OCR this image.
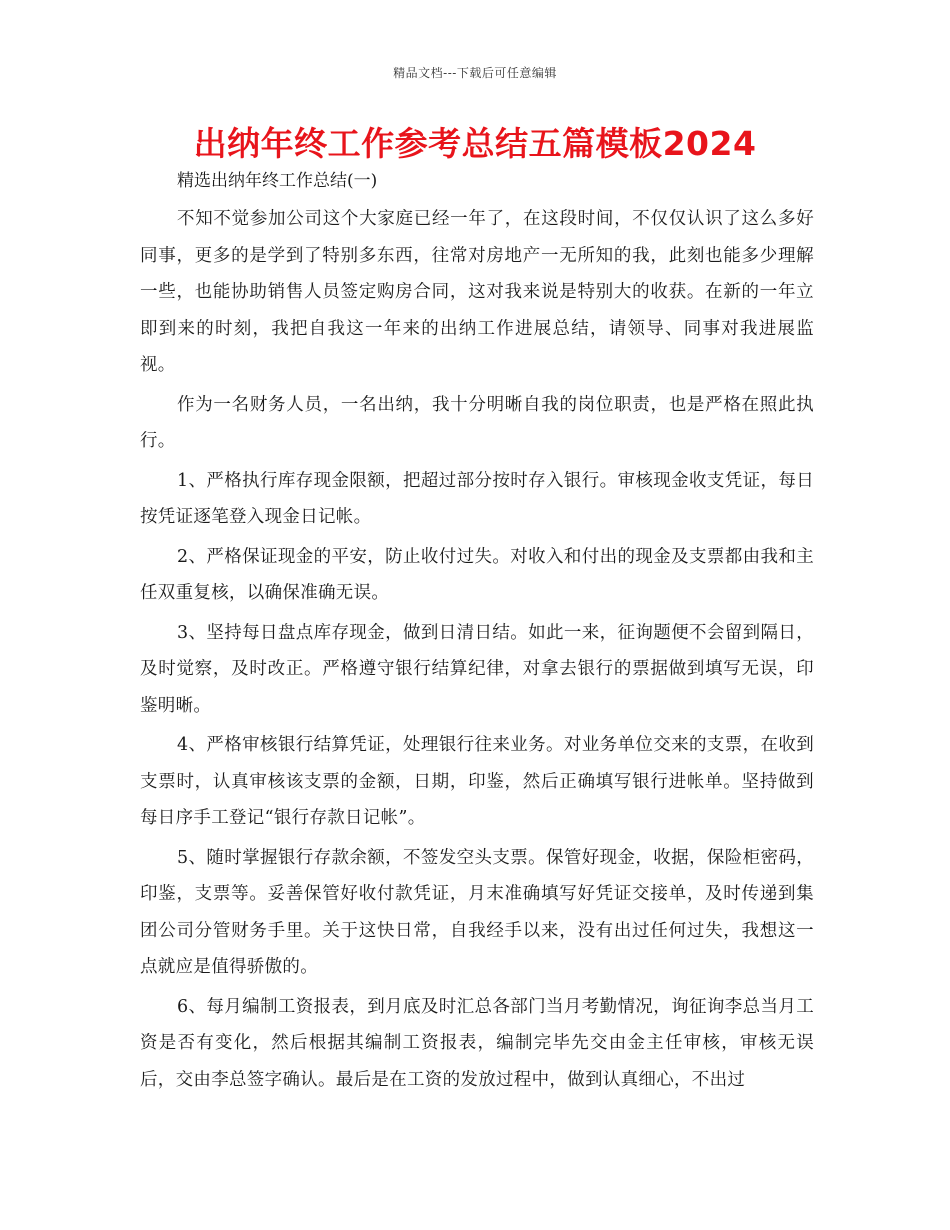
精品文档---下载后可任意编辑
出纳年终工作参考总结五篇模板2024

精选出纳年终工作总结(一)

不知不觉参加公司这个大家庭已经一年了，在这段时间，不仅仅认识了这么多好同事，更多的是学到了特别多东西，往常对房地产一无所知的我，此刻也能多少理解一些，也能协助销售人员签定购房合同，这对我来说是特别大的收获。在新的一年立即到来的时刻，我把自我这一年来的出纳工作进展总结，请领导、同事对我进展监视。

作为一名财务人员，一名出纳，我十分明晰自我的岗位职责，也是严格在照此执行。

1、严格执行库存现金限额，把超过部分按时存入银行。审核现金收支凭证，每日按凭证逐笔登入现金日记帐。

2、严格保证现金的平安，防止收付过失。对收入和付出的现金及支票都由我和主任双重复核，以确保准确无误。

3、坚持每日盘点库存现金，做到日清日结。如此一来，征询题便不会留到隔日，及时觉察，及时改正。严格遵守银行结算纪律，对拿去银行的票据做到填写无误，印鉴明晰。

4、严格审核银行结算凭证，处理银行往来业务。对业务单位交来的支票，在收到支票时，认真审核该支票的金额，日期，印鉴，然后正确填写银行进帐单。坚持做到每日序手工登记“银行存款日记帐”。

5、随时掌握银行存款余额，不签发空头支票。保管好现金，收据，保险柜密码，印鉴，支票等。妥善保管好收付款凭证，月末准确填写好凭证交接单，及时传递到集团公司分管财务手里。关于这快日常，自我经手以来，没有出过任何过失，我想这一点就应是值得骄傲的。

6、每月编制工资报表，到月底及时汇总各部门当月考勤情况，询征询李总当月工资是否有变化，然后根据其编制工资报表，编制完毕先交由金主任审核，审核无误后，交由李总签字确认。最后是在工资的发放过程中，做到认真细心，不出过
